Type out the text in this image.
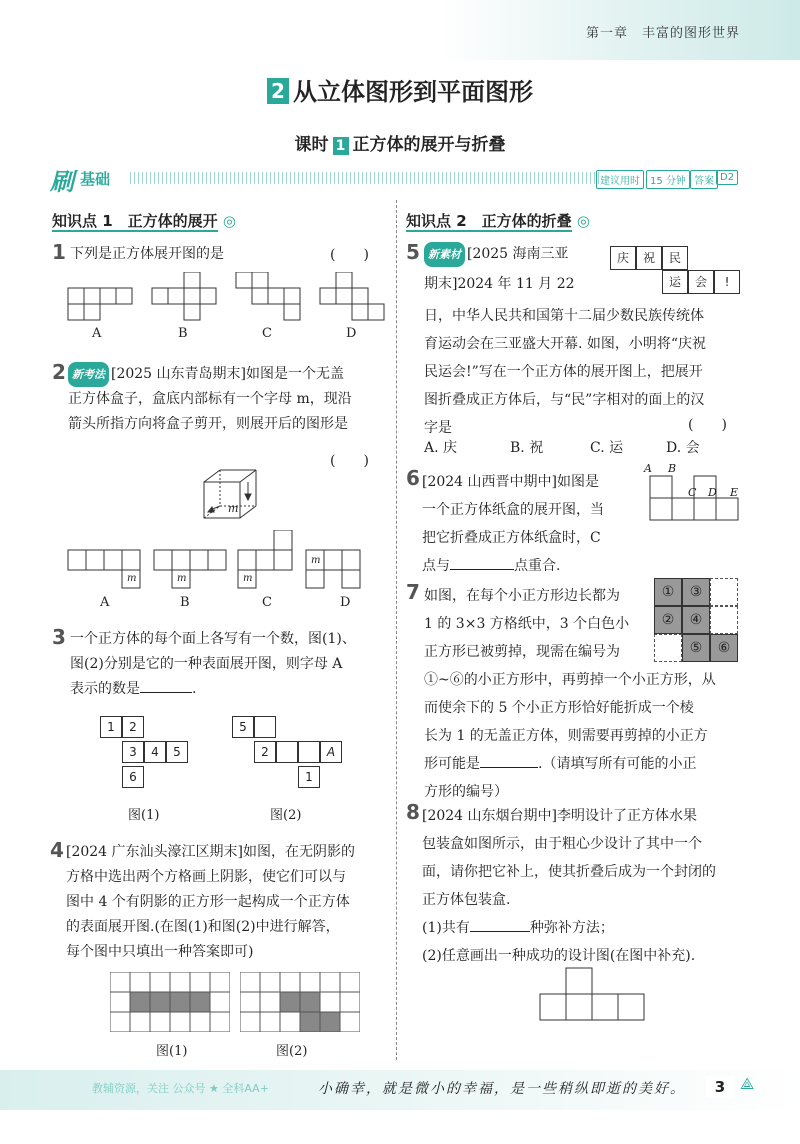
第一章　丰富的图形世界
2 从立体图形到平面图形
课时 1 正方体的展开与折叠
刷 基础	建议用时	15 分钟 答案 D2
知识点 1　正方体的展开 ◎
1 下列是正方体展开图的是	(　　)
A	B	C	D
2 新考法 [2025 山东青岛期末]如图是一个无盖
正方体盒子，盒底内部标有一个字母 m，现沿
箭头所指方向将盒子剪开，则展开后的图形是
(　　)
m
m	m	m
m
A	B	C	D
3 一个正方体的每个面上各写有一个数，图(1)、
图(2)分别是它的一种表面展开图，则字母 A
表示的数是	.
1	2
3	4	5
6
图(1)
5
2	A
1
图(2)
4 [2024 广东汕头濠江区期末]如图，在无阴影的
方格中选出两个方格画上阴影，使它们可以与
图中 4 个有阴影的正方形一起构成一个正方体
的表面展开图.(在图(1)和图(2)中进行解答，
每个图中只填出一种答案即可)
图(1)	图(2)
知识点 2　正方体的折叠 ◎
5 新素材 [2025 海南三亚
期末]2024 年 11 月 22
日，中华人民共和国第十二届少数民族传统体
育运动会在三亚盛大开幕. 如图，小明将“庆祝
民运会!”写在一个正方体的展开图上，把展开
图折叠成正方体后，与“民”字相对的面上的汉
字是	(　　)
A. 庆	B. 祝	C. 运	D. 会
庆	祝	民
运	会	!
6 [2024 山西晋中期中]如图是
一个正方体纸盒的展开图，当
把它折叠成正方体纸盒时，C
点与	点重合.
A B
C D E
7 如图，在每个小正方形边长都为
1 的 3×3 方格纸中，3 个白色小
正方形已被剪掉，现需在编号为
①~⑥的小正方形中，再剪掉一个小正方形，从
而使余下的 5 个小正方形恰好能折成一个棱
长为 1 的无盖正方体，则需要再剪掉的小正方
形可能是	.（请填写所有可能的小正
方形的编号）
①	③
②	④
⑤	⑥
8 [2024 山东烟台期中]李明设计了正方体水果
包装盒如图所示，由于粗心少设计了其中一个
面，请你把它补上，使其折叠后成为一个封闭的
正方体包装盒.
(1)共有	种弥补方法；
(2)任意画出一种成功的设计图(在图中补充).
教辅资源，关注 公众号 ★ 全科AA+	小确幸，就是微小的幸福，是一些稍纵即逝的美好。	3 ⟁
